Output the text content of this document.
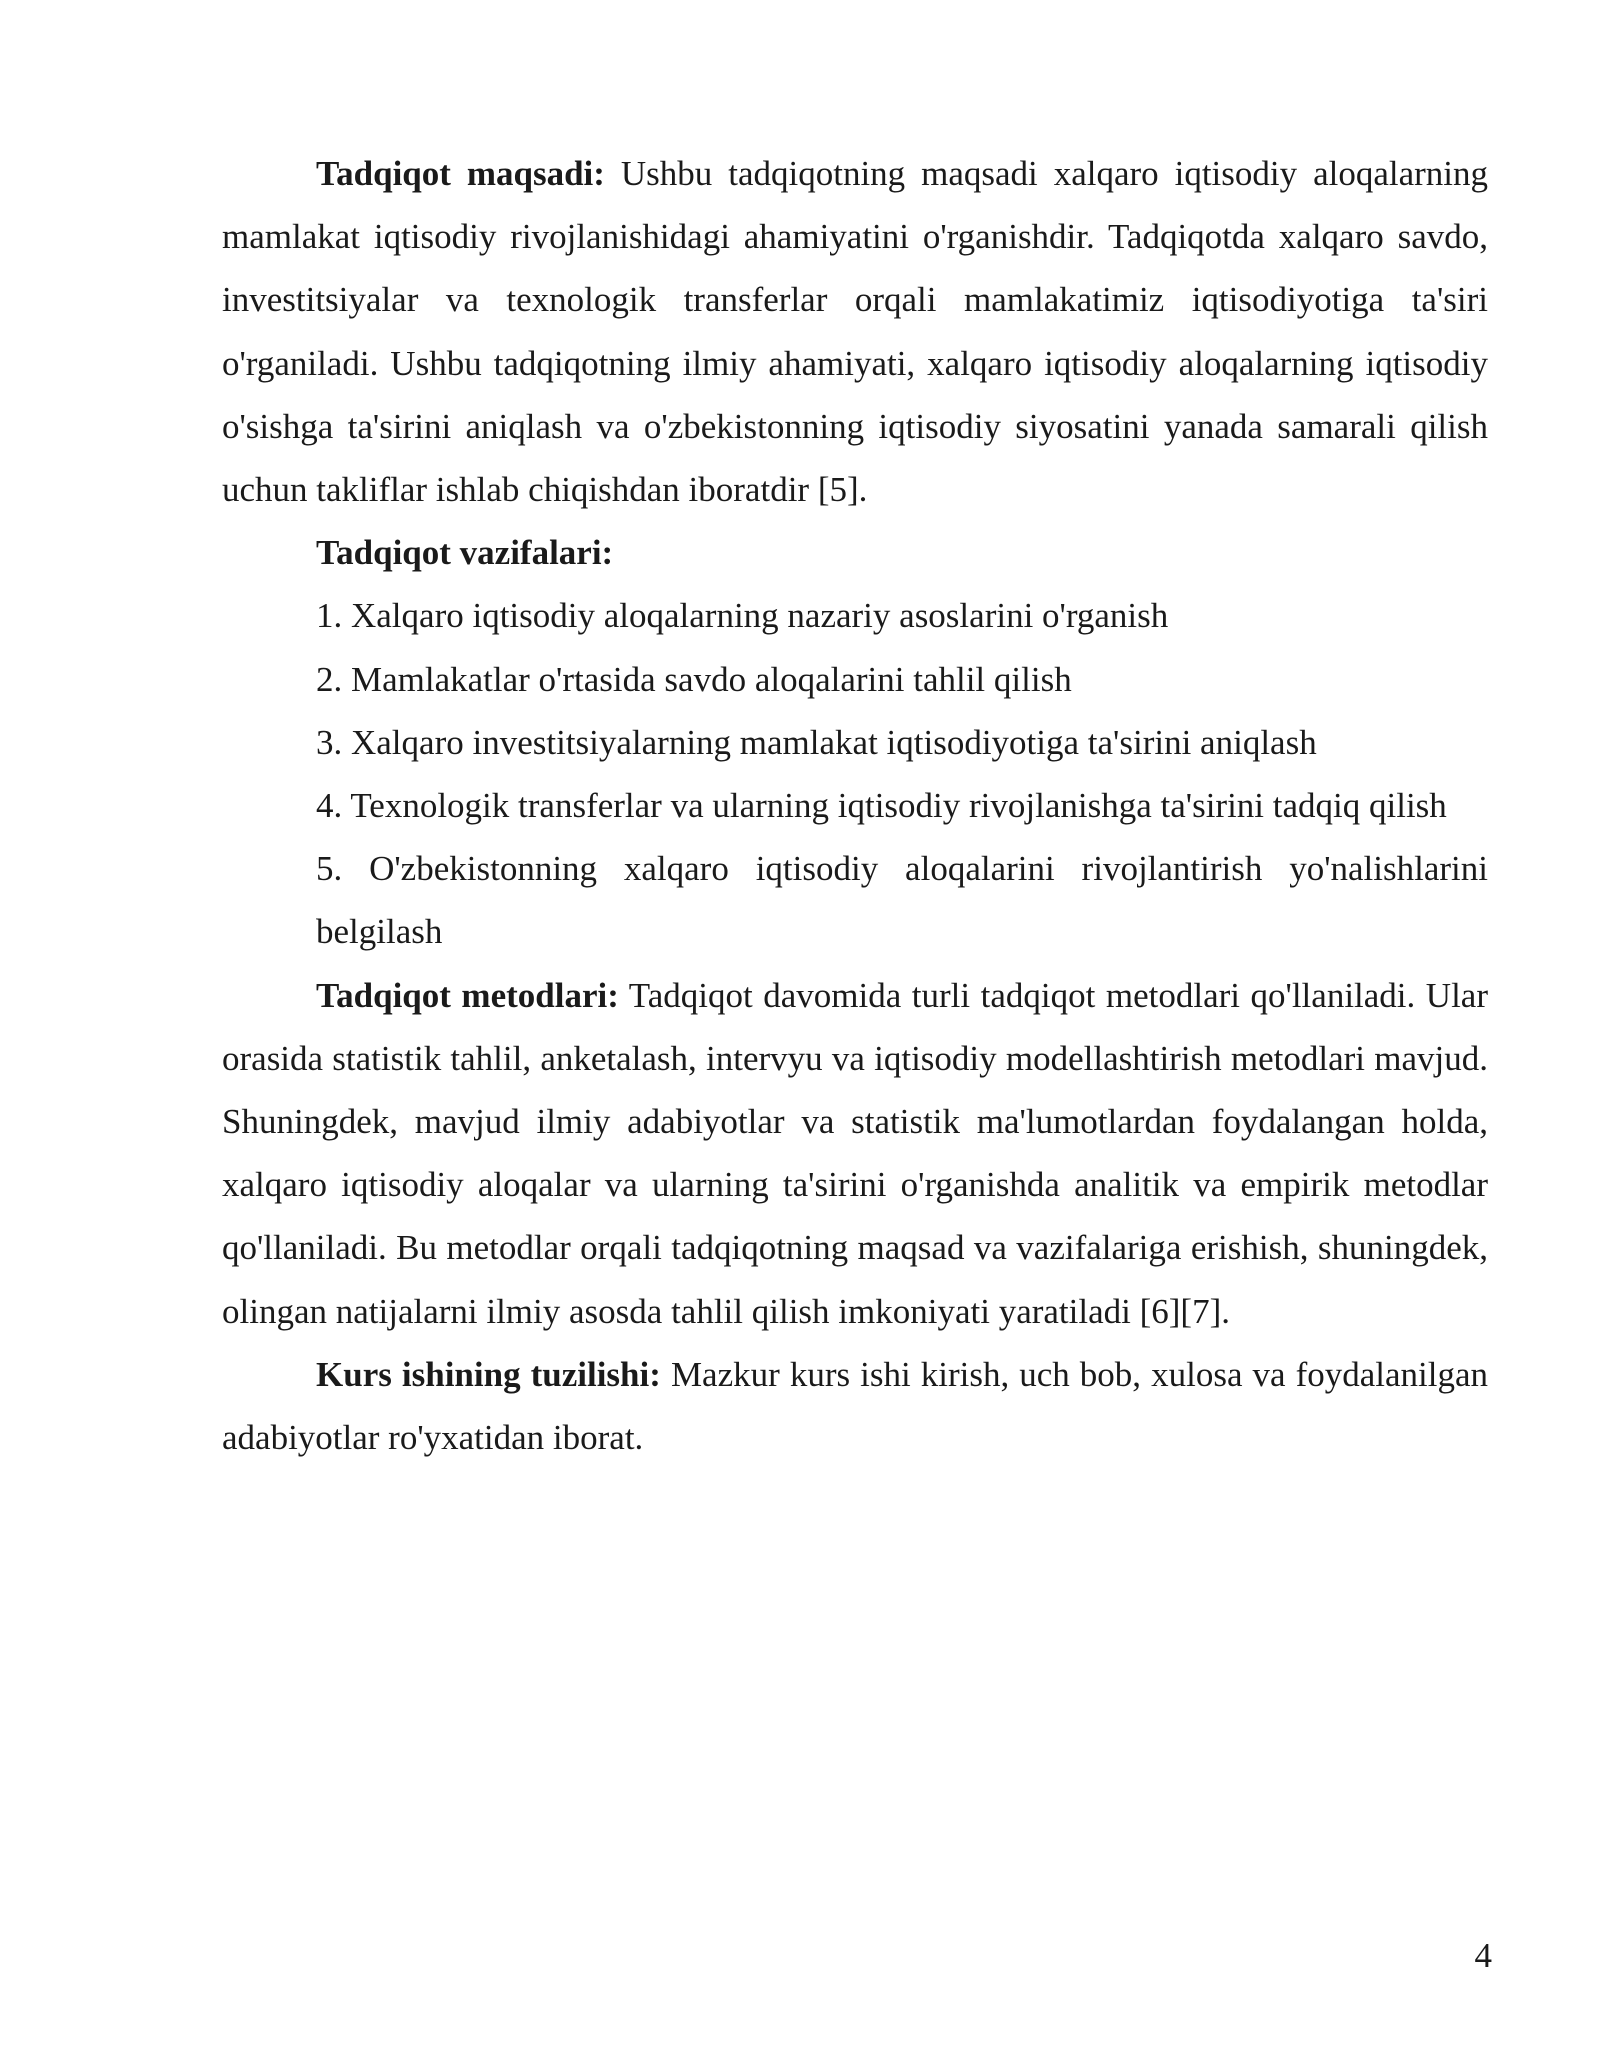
Tadqiqot maqsadi: Ushbu tadqiqotning maqsadi xalqaro iqtisodiy aloqalarning mamlakat iqtisodiy rivojlanishidagi ahamiyatini o'rganishdir. Tadqiqotda xalqaro savdo, investitsiyalar va texnologik transferlar orqali mamlakatimiz iqtisodiyotiga ta'siri o'rganiladi. Ushbu tadqiqotning ilmiy ahamiyati, xalqaro iqtisodiy aloqalarning iqtisodiy o'sishga ta'sirini aniqlash va o'zbekistonning iqtisodiy siyosatini yanada samarali qilish uchun takliflar ishlab chiqishdan iboratdir [5].

Tadqiqot vazifalari:

1. Xalqaro iqtisodiy aloqalarning nazariy asoslarini o'rganish

2. Mamlakatlar o'rtasida savdo aloqalarini tahlil qilish

3. Xalqaro investitsiyalarning mamlakat iqtisodiyotiga ta'sirini aniqlash

4. Texnologik transferlar va ularning iqtisodiy rivojlanishga ta'sirini tadqiq qilish

5. O'zbekistonning xalqaro iqtisodiy aloqalarini rivojlantirish yo'nalishlarini belgilash

Tadqiqot metodlari: Tadqiqot davomida turli tadqiqot metodlari qo'llaniladi. Ular orasida statistik tahlil, anketalash, intervyu va iqtisodiy modellashtirish metodlari mavjud. Shuningdek, mavjud ilmiy adabiyotlar va statistik ma'lumotlardan foydalangan holda, xalqaro iqtisodiy aloqalar va ularning ta'sirini o'rganishda analitik va empirik metodlar qo'llaniladi. Bu metodlar orqali tadqiqotning maqsad va vazifalariga erishish, shuningdek, olingan natijalarni ilmiy asosda tahlil qilish imkoniyati yaratiladi [6][7].

Kurs ishining tuzilishi: Mazkur kurs ishi kirish, uch bob, xulosa va foydalanilgan adabiyotlar ro'yxatidan iborat.

4
